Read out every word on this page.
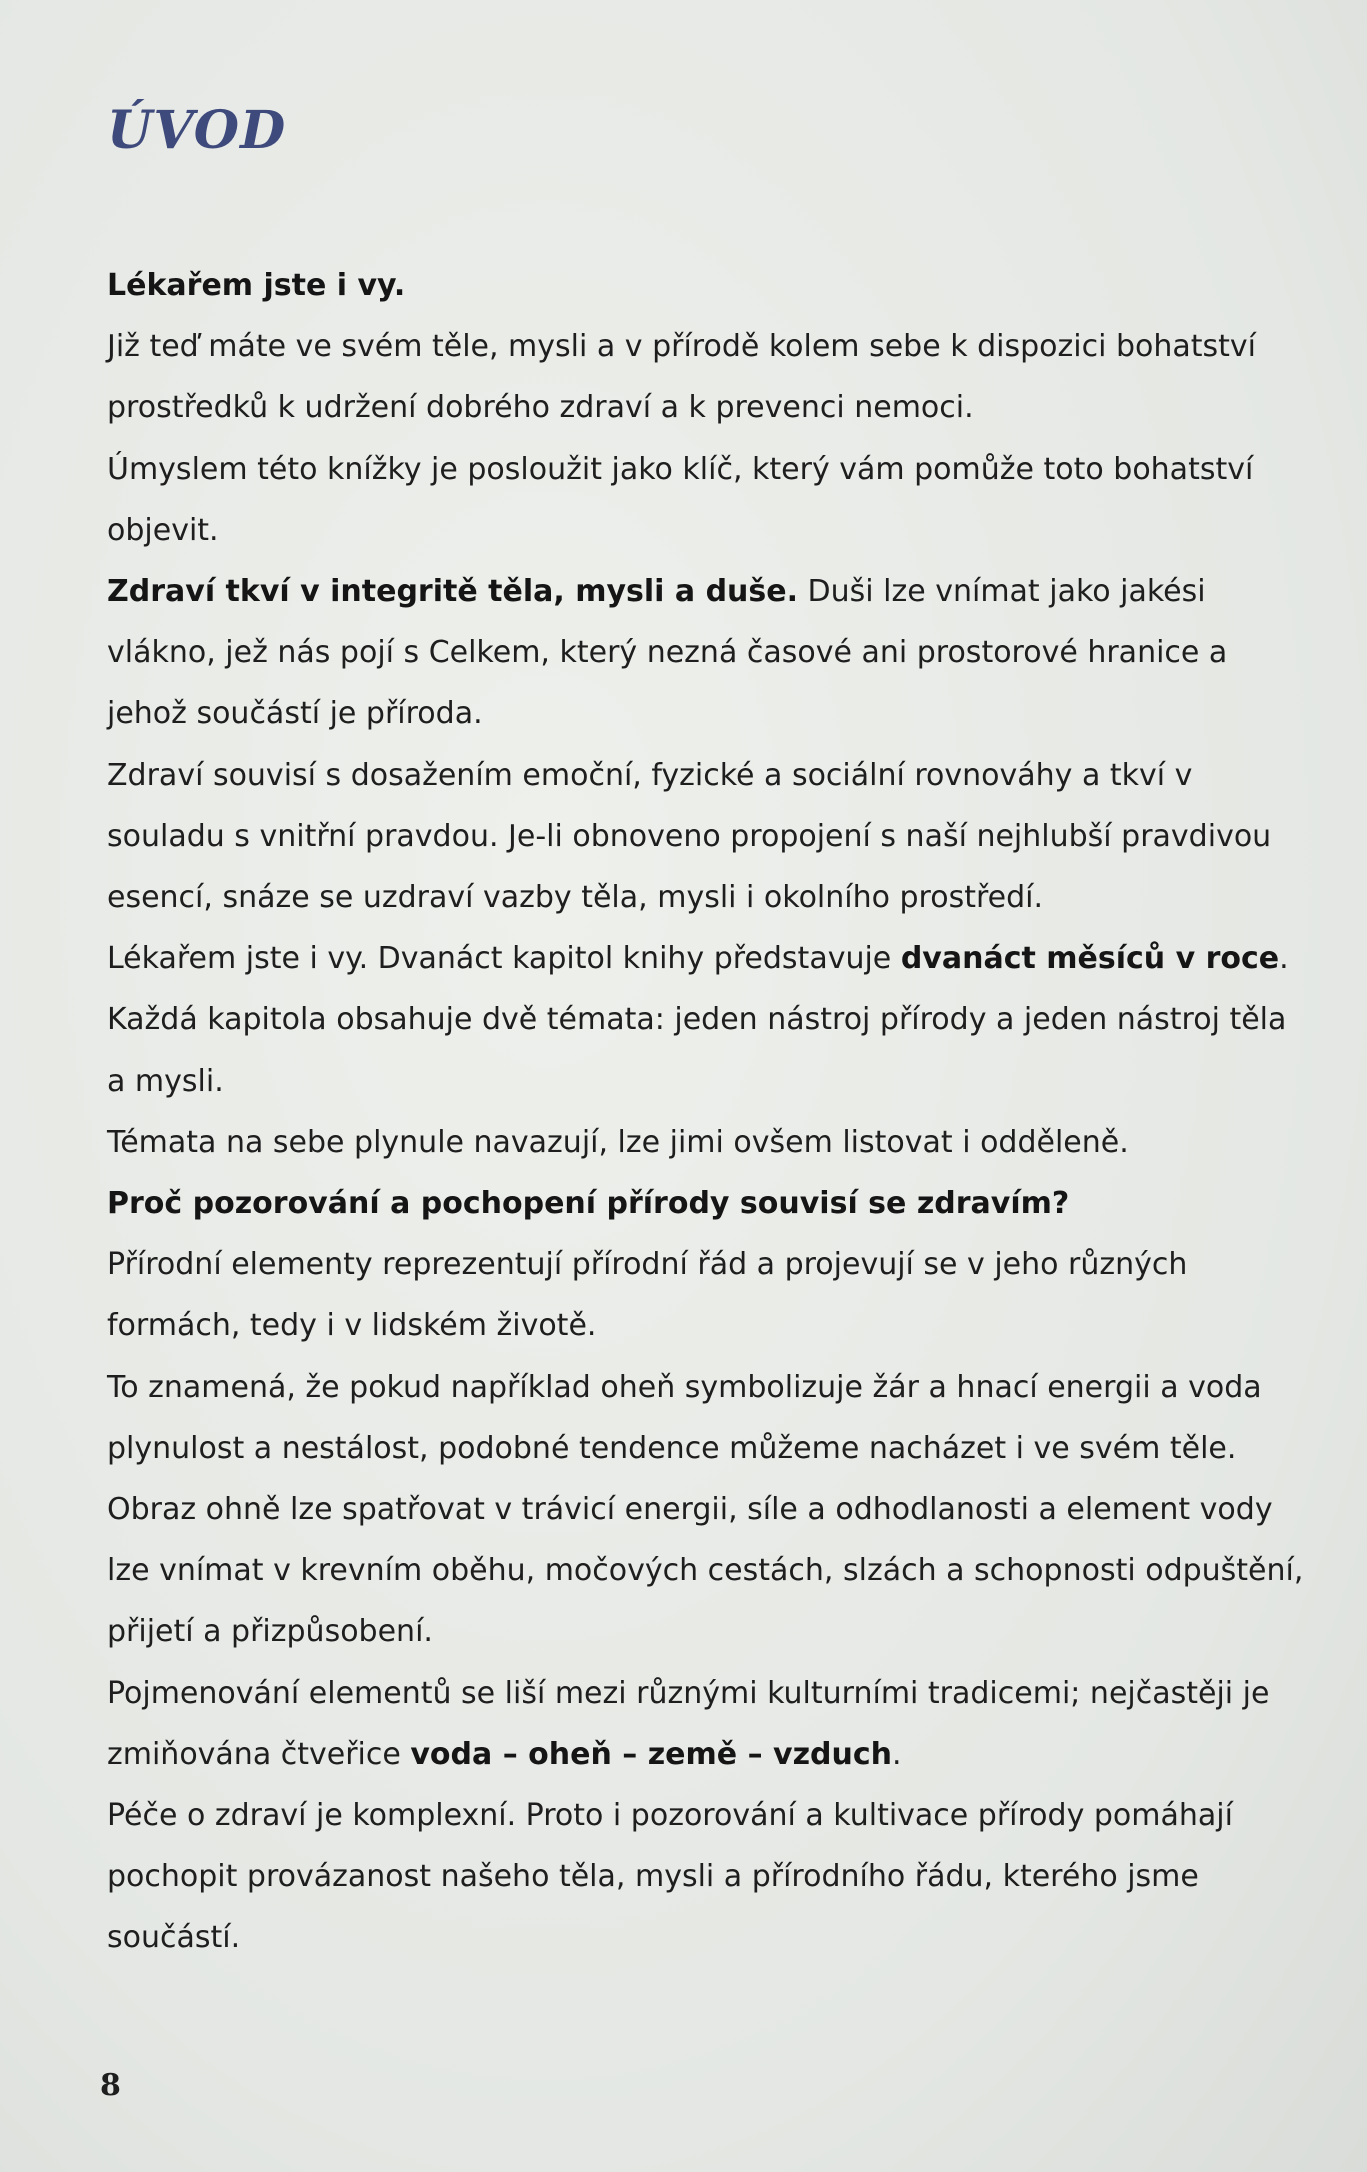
ÚVOD

Lékařem jste i vy.

Již teď máte ve svém těle, mysli a v přírodě kolem sebe k dispozici bohatství prostředků k udržení dobrého zdraví a k prevenci nemoci.

Úmyslem této knížky je posloužit jako klíč, který vám pomůže toto bohatství objevit.

Zdraví tkví v integritě těla, mysli a duše. Duši lze vnímat jako jakési vlákno, jež nás pojí s Celkem, který nezná časové ani prostorové hranice a jehož součástí je příroda.

Zdraví souvisí s dosažením emoční, fyzické a sociální rovnováhy a tkví v souladu s vnitřní pravdou. Je-li obnoveno propojení s naší nejhlubší pravdivou esencí, snáze se uzdraví vazby těla, mysli i okolního prostředí.

Lékařem jste i vy. Dvanáct kapitol knihy představuje dvanáct měsíců v roce.

Každá kapitola obsahuje dvě témata: jeden nástroj přírody a jeden nástroj těla a mysli.

Témata na sebe plynule navazují, lze jimi ovšem listovat i odděleně.

Proč pozorování a pochopení přírody souvisí se zdravím?

Přírodní elementy reprezentují přírodní řád a projevují se v jeho různých formách, tedy i v lidském životě.

To znamená, že pokud například oheň symbolizuje žár a hnací energii a voda plynulost a nestálost, podobné tendence můžeme nacházet i ve svém těle. Obraz ohně lze spatřovat v trávicí energii, síle a odhodlanosti a element vody lze vnímat v krevním oběhu, močových cestách, slzách a schopnosti odpuštění, přijetí a přizpůsobení.

Pojmenování elementů se liší mezi různými kulturními tradicemi; nejčastěji je zmiňována čtveřice voda – oheň – země – vzduch.

Péče o zdraví je komplexní. Proto i pozorování a kultivace přírody pomáhají pochopit provázanost našeho těla, mysli a přírodního řádu, kterého jsme součástí.

8
